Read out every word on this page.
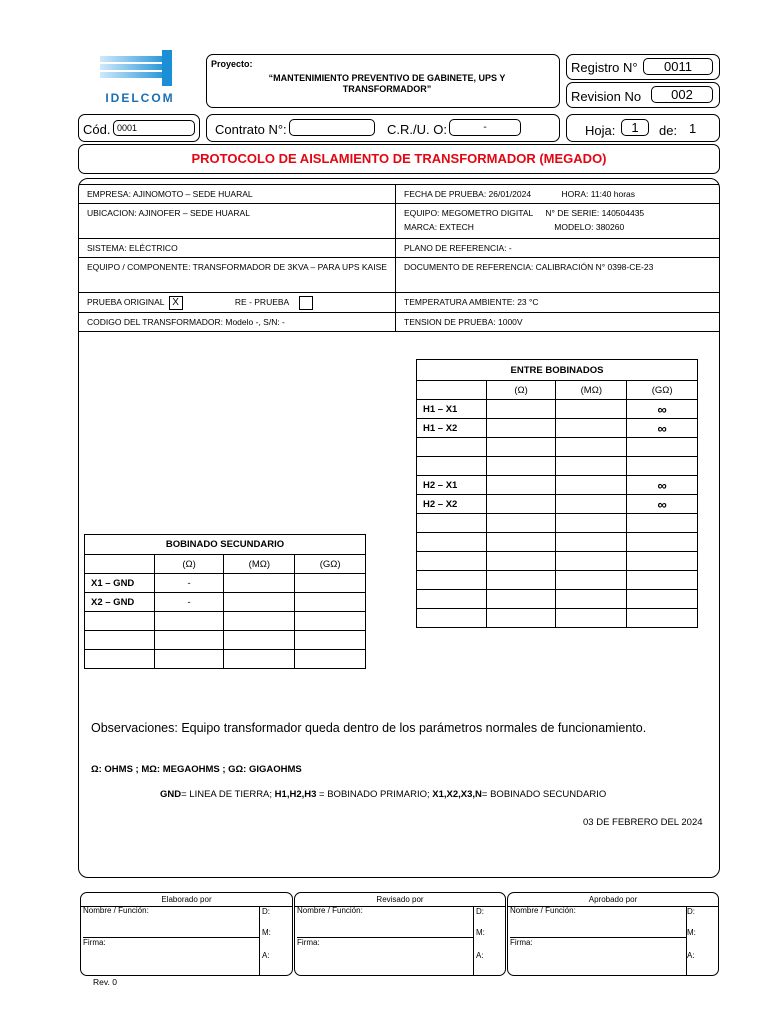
IDELCOM
Proyecto:
“MANTENIMIENTO PREVENTIVO DE GABINETE, UPS Y TRANSFORMADOR”
Registro N°	0011
Revision No	002
Cód. 0001	Contrato N°:	C.R./U. O:	-	Hoja:	1	de: 1
PROTOCOLO DE AISLAMIENTO DE TRANSFORMADOR (MEGADO)
EMPRESA: AJINOMOTO – SEDE HUARAL	FECHA DE PRUEBA: 26/01/2024 HORA: 11:40 horas
UBICACION: AJINOFER – SEDE HUARAL	EQUIPO: MEGOMETRO DIGITAL N° DE SERIE: 140504435
MARCA: EXTECH MODELO: 380260
SISTEMA: ELÉCTRICO	PLANO DE REFERENCIA: -
EQUIPO / COMPONENTE: TRANSFORMADOR DE 3KVA – PARA UPS KAISE	DOCUMENTO DE REFERENCIA: CALIBRACIÓN N° 0398-CE-23
PRUEBA ORIGINAL X RE - PRUEBA	TEMPERATURA AMBIENTE: 23 °C
CODIGO DEL TRANSFORMADOR: Modelo -, S/N: -	TENSION DE PRUEBA: 1000V
ENTRE BOBINADOS			
	(Ω)	(MΩ)	(GΩ)
H1 – X1			∞
H1 – X2			∞

H2 – X1			∞
H2 – X2			∞

BOBINADO SECUNDARIO			
	(Ω)	(MΩ)	(GΩ)
X1 – GND	-		
X2 – GND	-		

Observaciones: Equipo transformador queda dentro de los parámetros normales de funcionamiento.
Ω: OHMS ; MΩ: MEGAOHMS ; GΩ: GIGAOHMS
GND= LINEA DE TIERRA; H1,H2,H3 = BOBINADO PRIMARIO; X1,X2,X3,N= BOBINADO SECUNDARIO
03 DE FEBRERO DEL 2024
Elaborado por
Nombre / Función:
Firma:
D:
M:
A:
Revisado por
Nombre / Función:
Firma:
D:
M:
A:
Aprobado por
Nombre / Función:
Firma:
D:
M:
A:
Rev. 0
